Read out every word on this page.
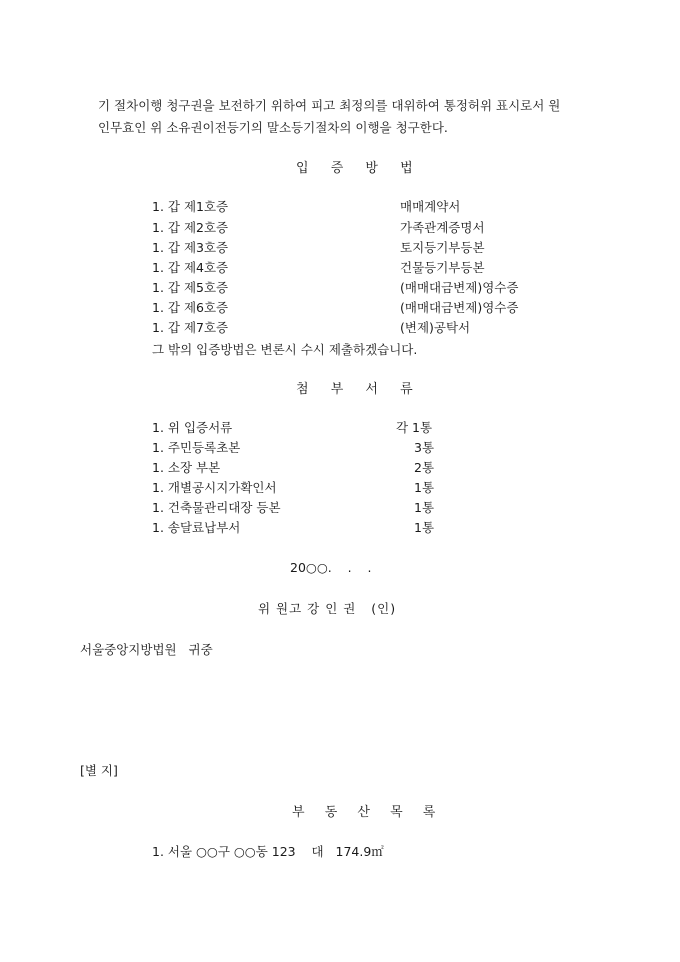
기 절차이행 청구권을 보전하기 위하여 피고 최정의를 대위하여 통정허위 표시로서 원
인무효인 위 소유권이전등기의 말소등기절차의 이행을 청구한다.
입 증 방 법
1. 갑 제1호증	매매계약서
1. 갑 제2호증	가족관계증명서
1. 갑 제3호증	토지등기부등본
1. 갑 제4호증	건물등기부등본
1. 갑 제5호증	(매매대금변제)영수증
1. 갑 제6호증	(매매대금변제)영수증
1. 갑 제7호증	(변제)공탁서
그 밖의 입증방법은 변론시 수시 제출하겠습니다.
첨 부 서 류
1. 위 입증서류	각 1통
1. 주민등록초본	3통
1. 소장 부본	2통
1. 개별공시지가확인서	1통
1. 건축물관리대장 등본	1통
1. 송달료납부서	1통
20○○.    .    .
위 원고 강 인 권   (인)
서울중앙지방법원   귀중
[별 지]
부 동 산 목 록
1. 서울 ○○구 ○○동 123    대   174.9㎡
